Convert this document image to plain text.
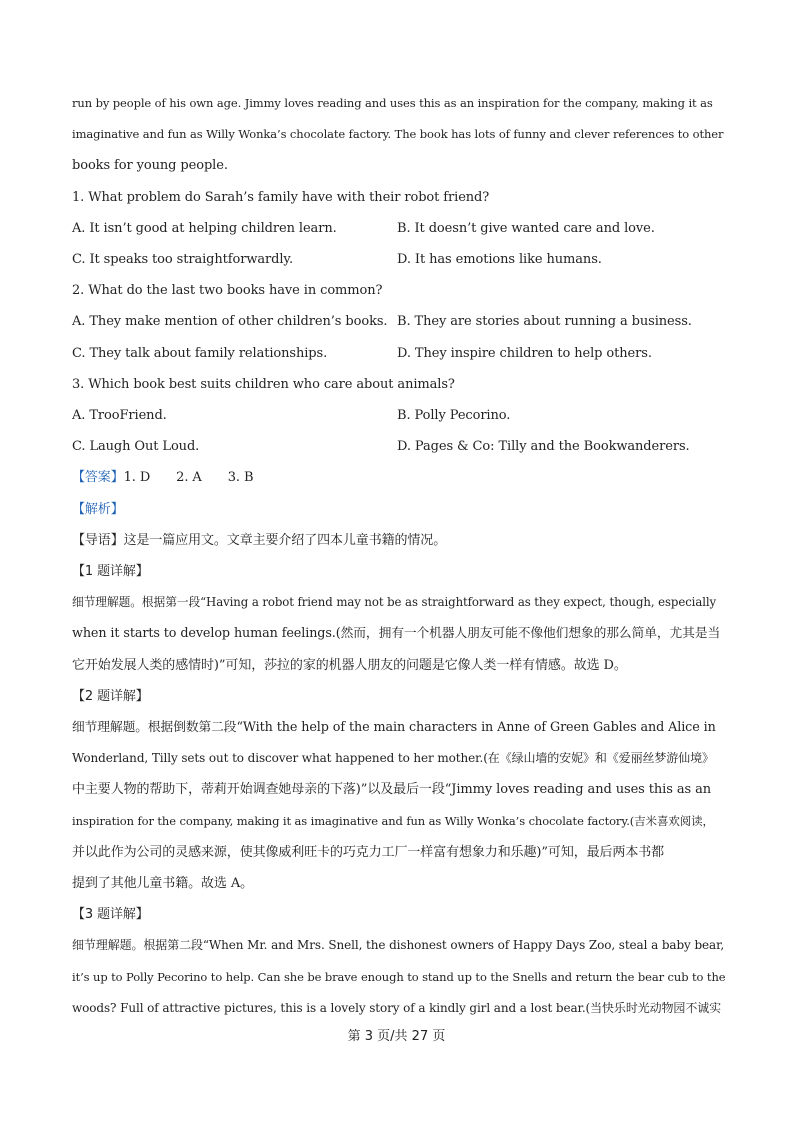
run by people of his own age. Jimmy loves reading and uses this as an inspiration for the company, making it as
imaginative and fun as Willy Wonka’s chocolate factory. The book has lots of funny and clever references to other
books for young people.
1. What problem do Sarah’s family have with their robot friend?
A. It isn’t good at helping children learn.	B. It doesn’t give wanted care and love.
C. It speaks too straightforwardly.	D. It has emotions like humans.
2. What do the last two books have in common?
A. They make mention of other children’s books. B. They are stories about running a business.
C. They talk about family relationships.	D. They inspire children to help others.
3. Which book best suits children who care about animals?
A. TrooFriend.	B. Polly Pecorino.
C. Laugh Out Loud.	D. Pages & Co: Tilly and the Bookwanderers.
【答案】1. D 2. A 3. B
【解析】
【导语】这是一篇应用文。文章主要介绍了四本儿童书籍的情况。
【1 题详解】
细节理解题。根据第一段“Having a robot friend may not be as straightforward as they expect, though, especially
when it starts to develop human feelings.(然而，拥有一个机器人朋友可能不像他们想象的那么简单，尤其是当
它开始发展人类的感情时)”可知，莎拉的家的机器人朋友的问题是它像人类一样有情感。故选 D。
【2 题详解】
细节理解题。根据倒数第二段“With the help of the main characters in Anne of Green Gables and Alice in
Wonderland, Tilly sets out to discover what happened to her mother.(在《绿山墙的安妮》和《爱丽丝梦游仙境》
中主要人物的帮助下，蒂莉开始调查她母亲的下落)”以及最后一段“Jimmy loves reading and uses this as an
inspiration for the company, making it as imaginative and fun as Willy Wonka’s chocolate factory.(吉米喜欢阅读，
并以此作为公司的灵感来源，使其像威利旺卡的巧克力工厂一样富有想象力和乐趣)”可知，最后两本书都
提到了其他儿童书籍。故选 A。
【3 题详解】
细节理解题。根据第二段“When Mr. and Mrs. Snell, the dishonest owners of Happy Days Zoo, steal a baby bear,
it’s up to Polly Pecorino to help. Can she be brave enough to stand up to the Snells and return the bear cub to the
woods? Full of attractive pictures, this is a lovely story of a kindly girl and a lost bear.(当快乐时光动物园不诚实
第 3 页/共 27 页
